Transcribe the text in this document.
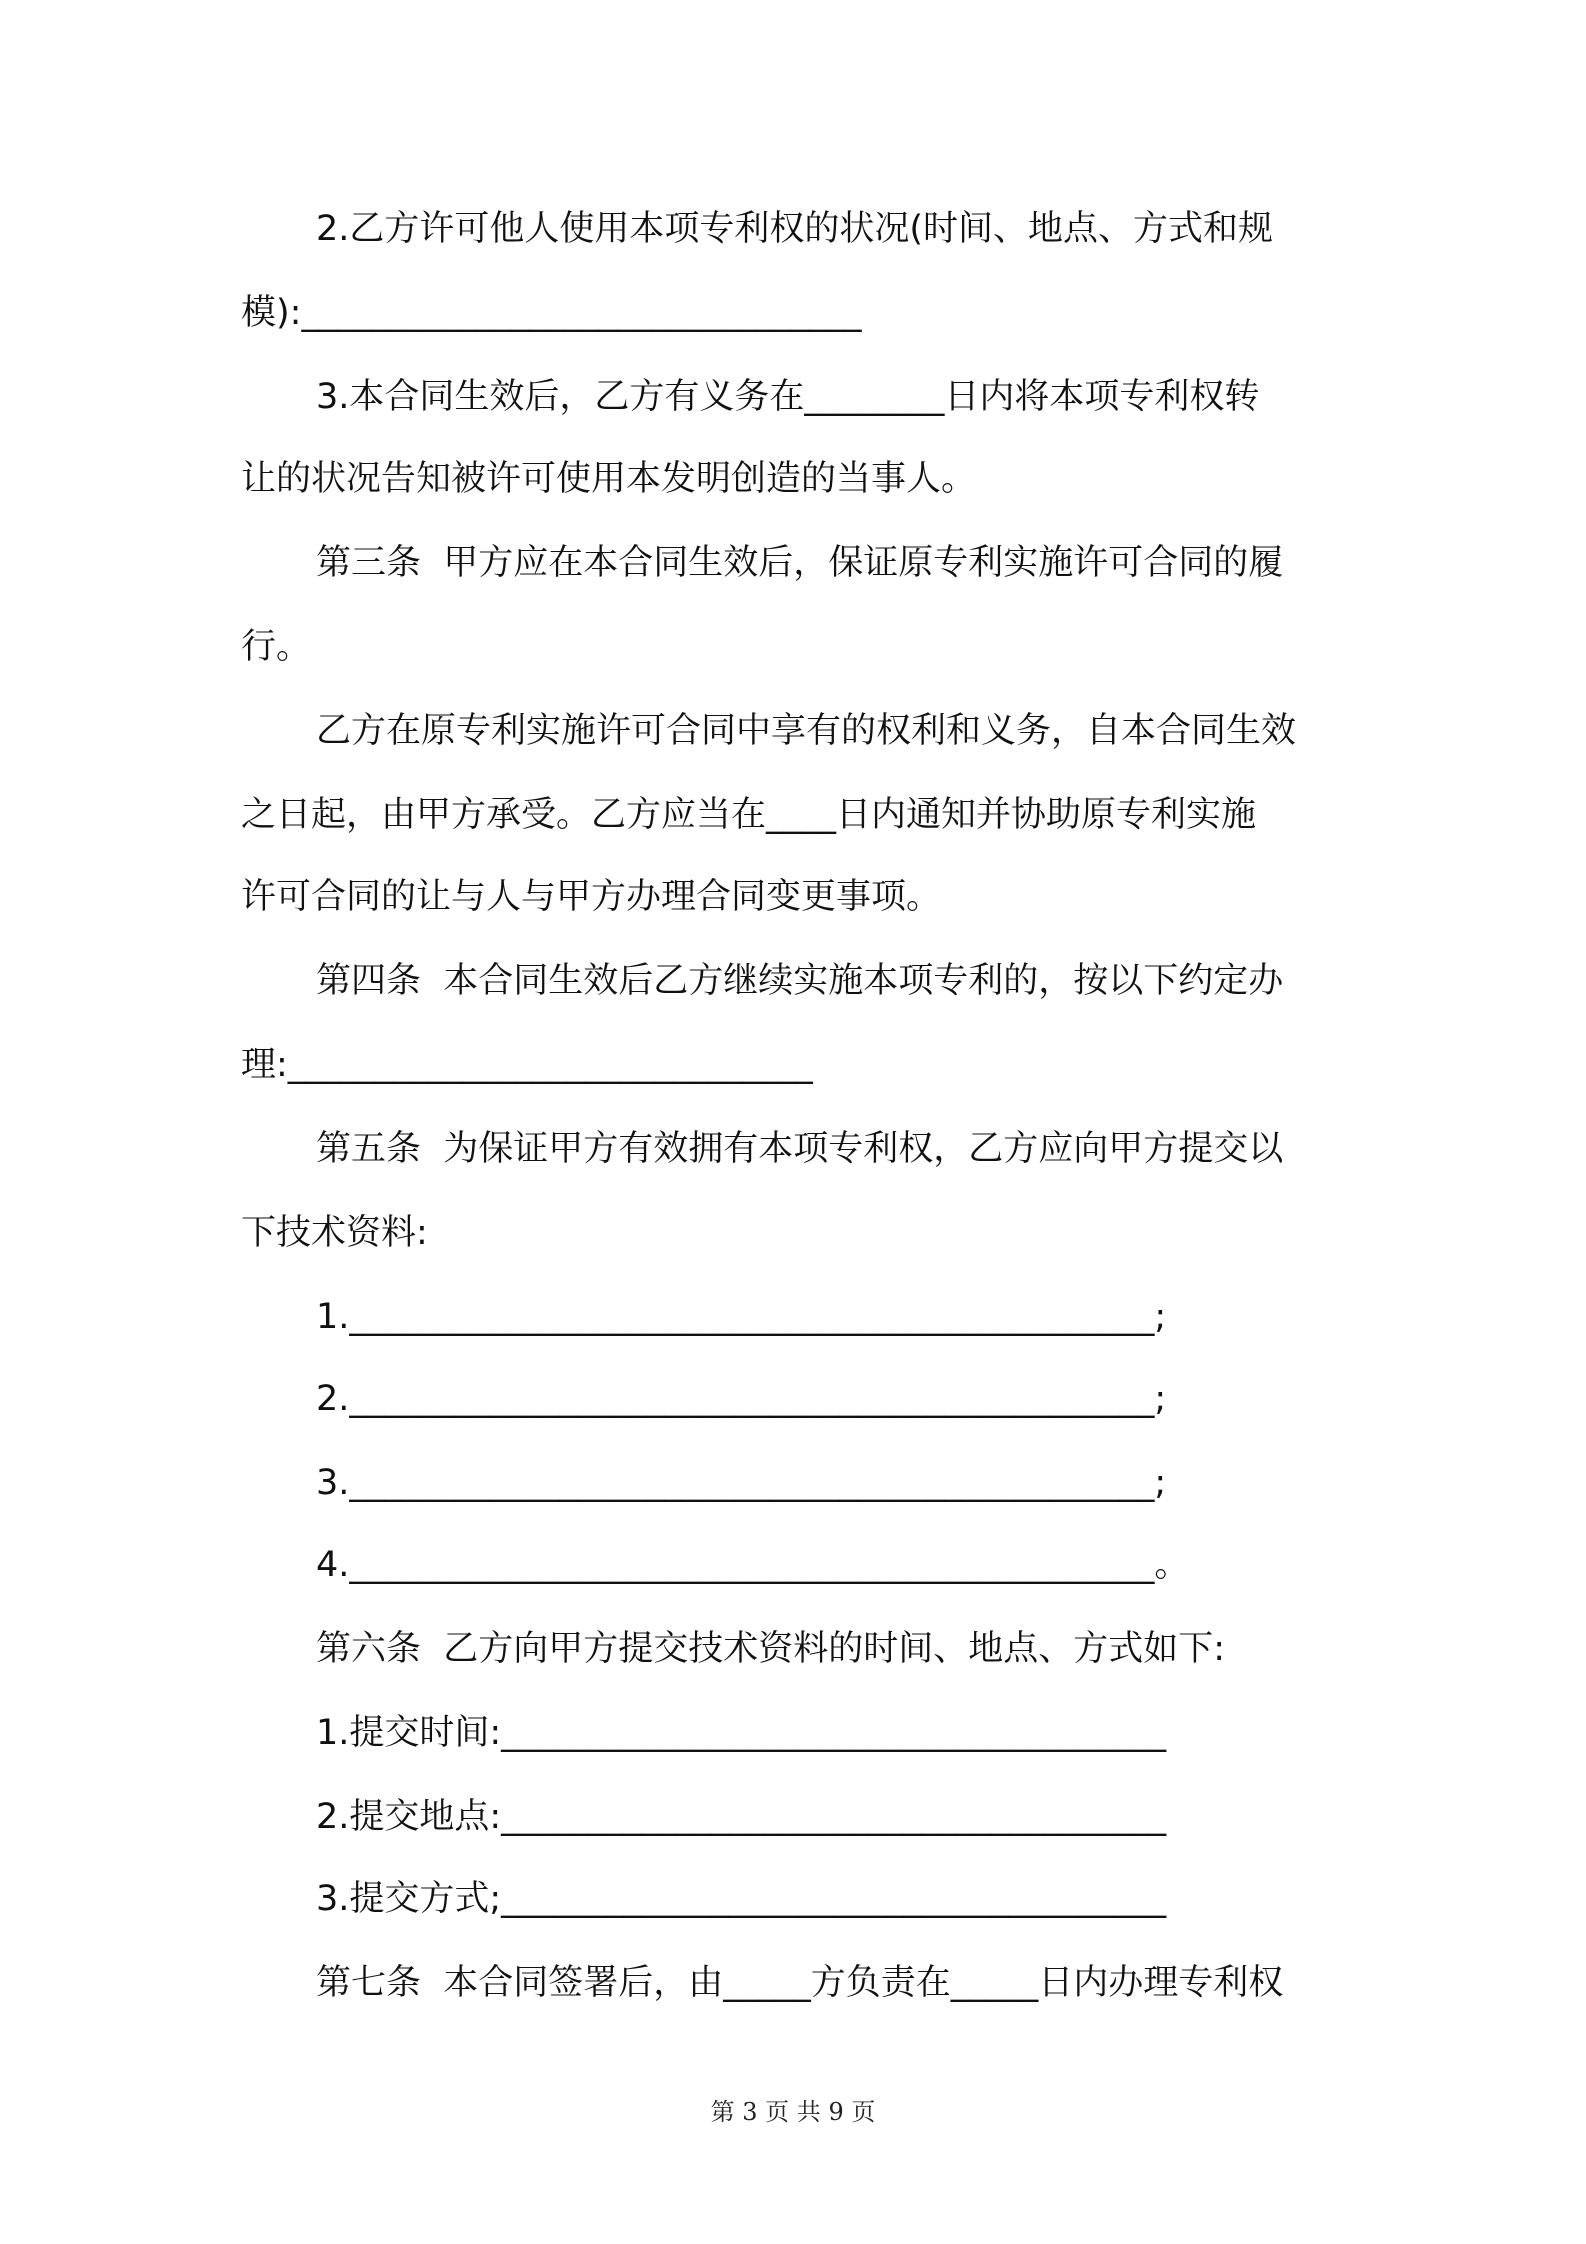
2.乙方许可他人使用本项专利权的状况(时间、地点、方式和规

模):________________________________

3.本合同生效后，乙方有义务在________日内将本项专利权转

让的状况告知被许可使用本发明创造的当事人。

第三条  甲方应在本合同生效后，保证原专利实施许可合同的履

行。

乙方在原专利实施许可合同中享有的权利和义务，自本合同生效

之日起，由甲方承受。乙方应当在____日内通知并协助原专利实施

许可合同的让与人与甲方办理合同变更事项。

第四条  本合同生效后乙方继续实施本项专利的，按以下约定办

理:______________________________

第五条  为保证甲方有效拥有本项专利权，乙方应向甲方提交以

下技术资料:

1.______________________________________________;

2.______________________________________________;

3.______________________________________________;

4.______________________________________________。

第六条  乙方向甲方提交技术资料的时间、地点、方式如下:

1.提交时间:______________________________________

2.提交地点:______________________________________

3.提交方式;______________________________________

第七条  本合同签署后，由_____方负责在_____日内办理专利权

第 3 页 共 9 页
